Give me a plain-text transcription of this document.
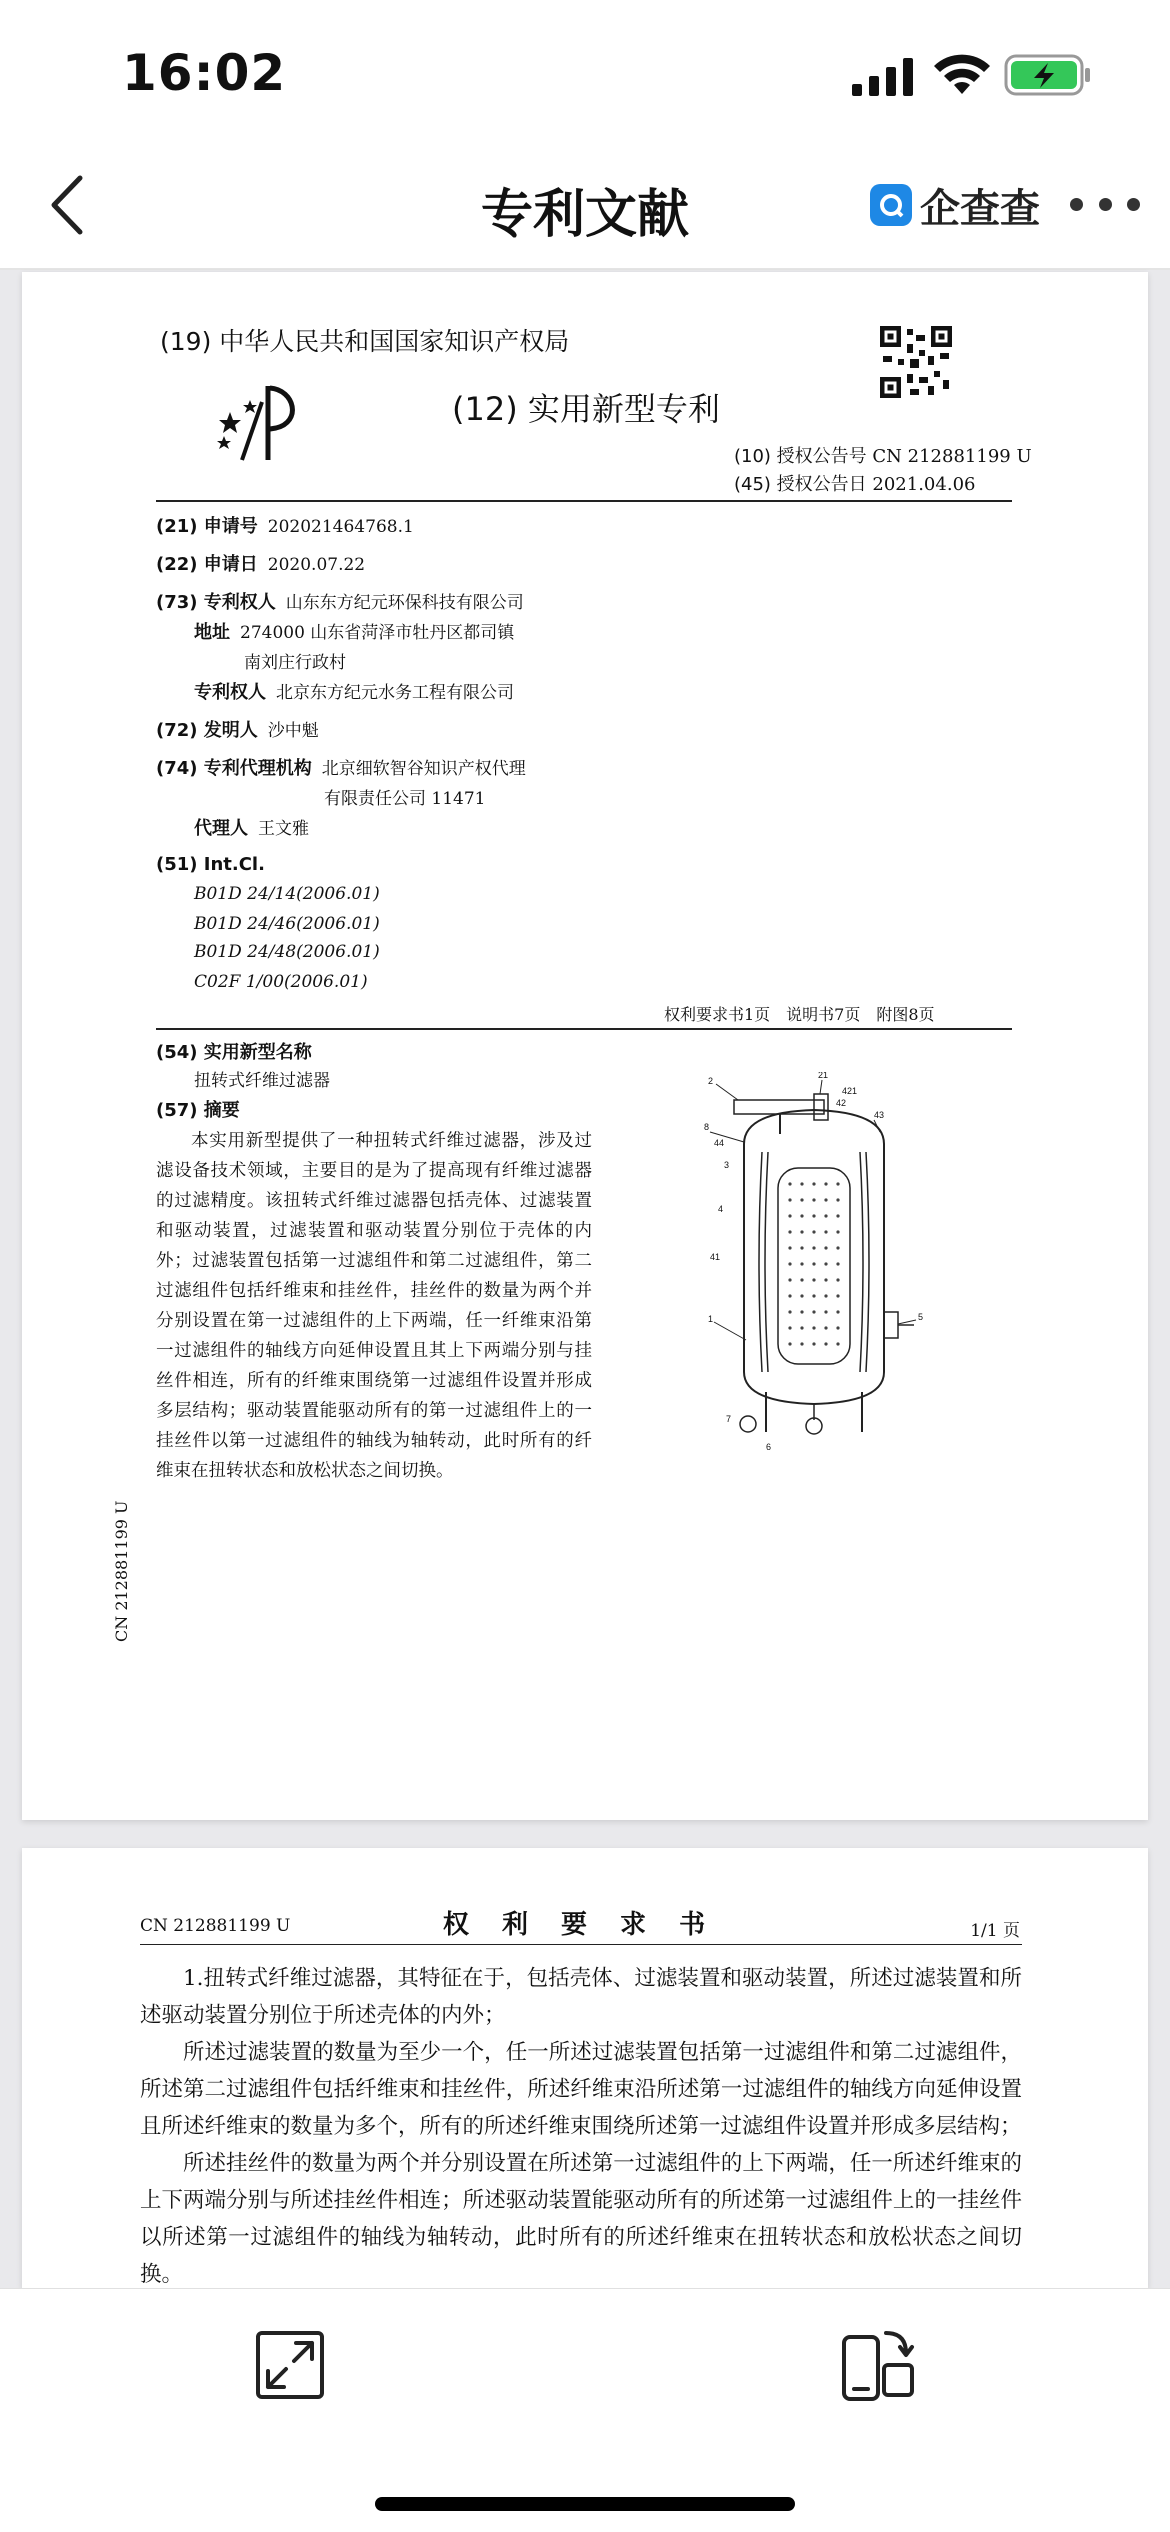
16:02
专利文献	企查查
(19) 中华人民共和国国家知识产权局
(12) 实用新型专利
(10) 授权公告号 CN 212881199 U
(45) 授权公告日 2021.04.06
(21) 申请号 202021464768.1
(22) 申请日 2020.07.22
(73) 专利权人 山东东方纪元环保科技有限公司
地址 274000 山东省菏泽市牡丹区都司镇
南刘庄行政村
专利权人 北京东方纪元水务工程有限公司
(72) 发明人 沙中魁
(74) 专利代理机构 北京细软智谷知识产权代理
有限责任公司 11471
代理人 王文雅
(51) Int.Cl.
B01D 24/14(2006.01)
B01D 24/46(2006.01)
B01D 24/48(2006.01)
C02F 1/00(2006.01)
权利要求书1页　说明书7页　附图8页
(54) 实用新型名称
扭转式纤维过滤器
(57) 摘要
本实用新型提供了一种扭转式纤维过滤器，涉及过滤设备技术领域，主要目的是为了提高现有纤维过滤器的过滤精度。该扭转式纤维过滤器包括壳体、过滤装置和驱动装置，过滤装置和驱动装置分别位于壳体的内外；过滤装置包括第一过滤组件和第二过滤组件，第二过滤组件包括纤维束和挂丝件，挂丝件的数量为两个并分别设置在第一过滤组件的上下两端，任一纤维束沿第一过滤组件的轴线方向延伸设置且其上下两端分别与挂丝件相连，所有的纤维束围绕第一过滤组件设置并形成多层结构；驱动装置能驱动所有的第一过滤组件上的一挂丝件以第一过滤组件的轴线为轴转动，此时所有的纤维束在扭转状态和放松状态之间切换。
2
21
421
42
8
44
43
3
4
41
1	5
7
6
CN 212881199 U
CN 212881199 U	权 利 要 求 书	1/1 页

1.扭转式纤维过滤器，其特征在于，包括壳体、过滤装置和驱动装置，所述过滤装置和所述驱动装置分别位于所述壳体的内外；

所述过滤装置的数量为至少一个，任一所述过滤装置包括第一过滤组件和第二过滤组件，所述第二过滤组件包括纤维束和挂丝件，所述纤维束沿所述第一过滤组件的轴线方向延伸设置且所述纤维束的数量为多个，所有的所述纤维束围绕所述第一过滤组件设置并形成多层结构；

所述挂丝件的数量为两个并分别设置在所述第一过滤组件的上下两端，任一所述纤维束的上下两端分别与所述挂丝件相连；所述驱动装置能驱动所有的所述第一过滤组件上的一挂丝件以所述第一过滤组件的轴线为轴转动，此时所有的所述纤维束在扭转状态和放松状态之间切换。
